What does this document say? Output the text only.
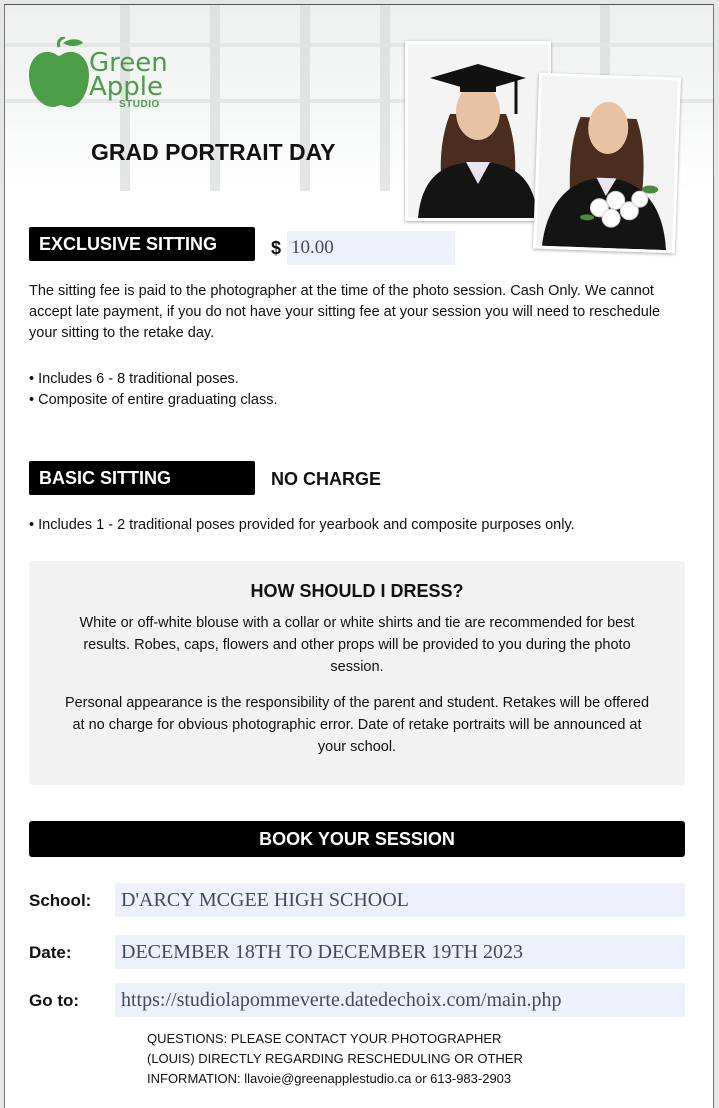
Green
Apple
STUDIO
GRAD PORTRAIT DAY
EXCLUSIVE SITTING	$ 10.00
The sitting fee is paid to the photographer at the time of the photo session. Cash Only. We cannot accept late payment, if you do not have your sitting fee at your session you will need to reschedule your sitting to the retake day.
• Includes 6 - 8 traditional poses.
• Composite of entire graduating class.
BASIC SITTING	NO CHARGE
• Includes 1 - 2 traditional poses provided for yearbook and composite purposes only.
HOW SHOULD I DRESS?
White or off-white blouse with a collar or white shirts and tie are recommended for best results. Robes, caps, flowers and other props will be provided to you during the photo session.
Personal appearance is the responsibility of the parent and student. Retakes will be offered at no charge for obvious photographic error. Date of retake portraits will be announced at your school.
BOOK YOUR SESSION
School:	D'ARCY MCGEE HIGH SCHOOL
Date:	DECEMBER 18TH TO DECEMBER 19TH 2023
Go to:	https://studiolapommeverte.datedechoix.com/main.php
QUESTIONS: PLEASE CONTACT YOUR PHOTOGRAPHER
(LOUIS) DIRECTLY REGARDING RESCHEDULING OR OTHER
INFORMATION: llavoie@greenapplestudio.ca or 613-983-2903
